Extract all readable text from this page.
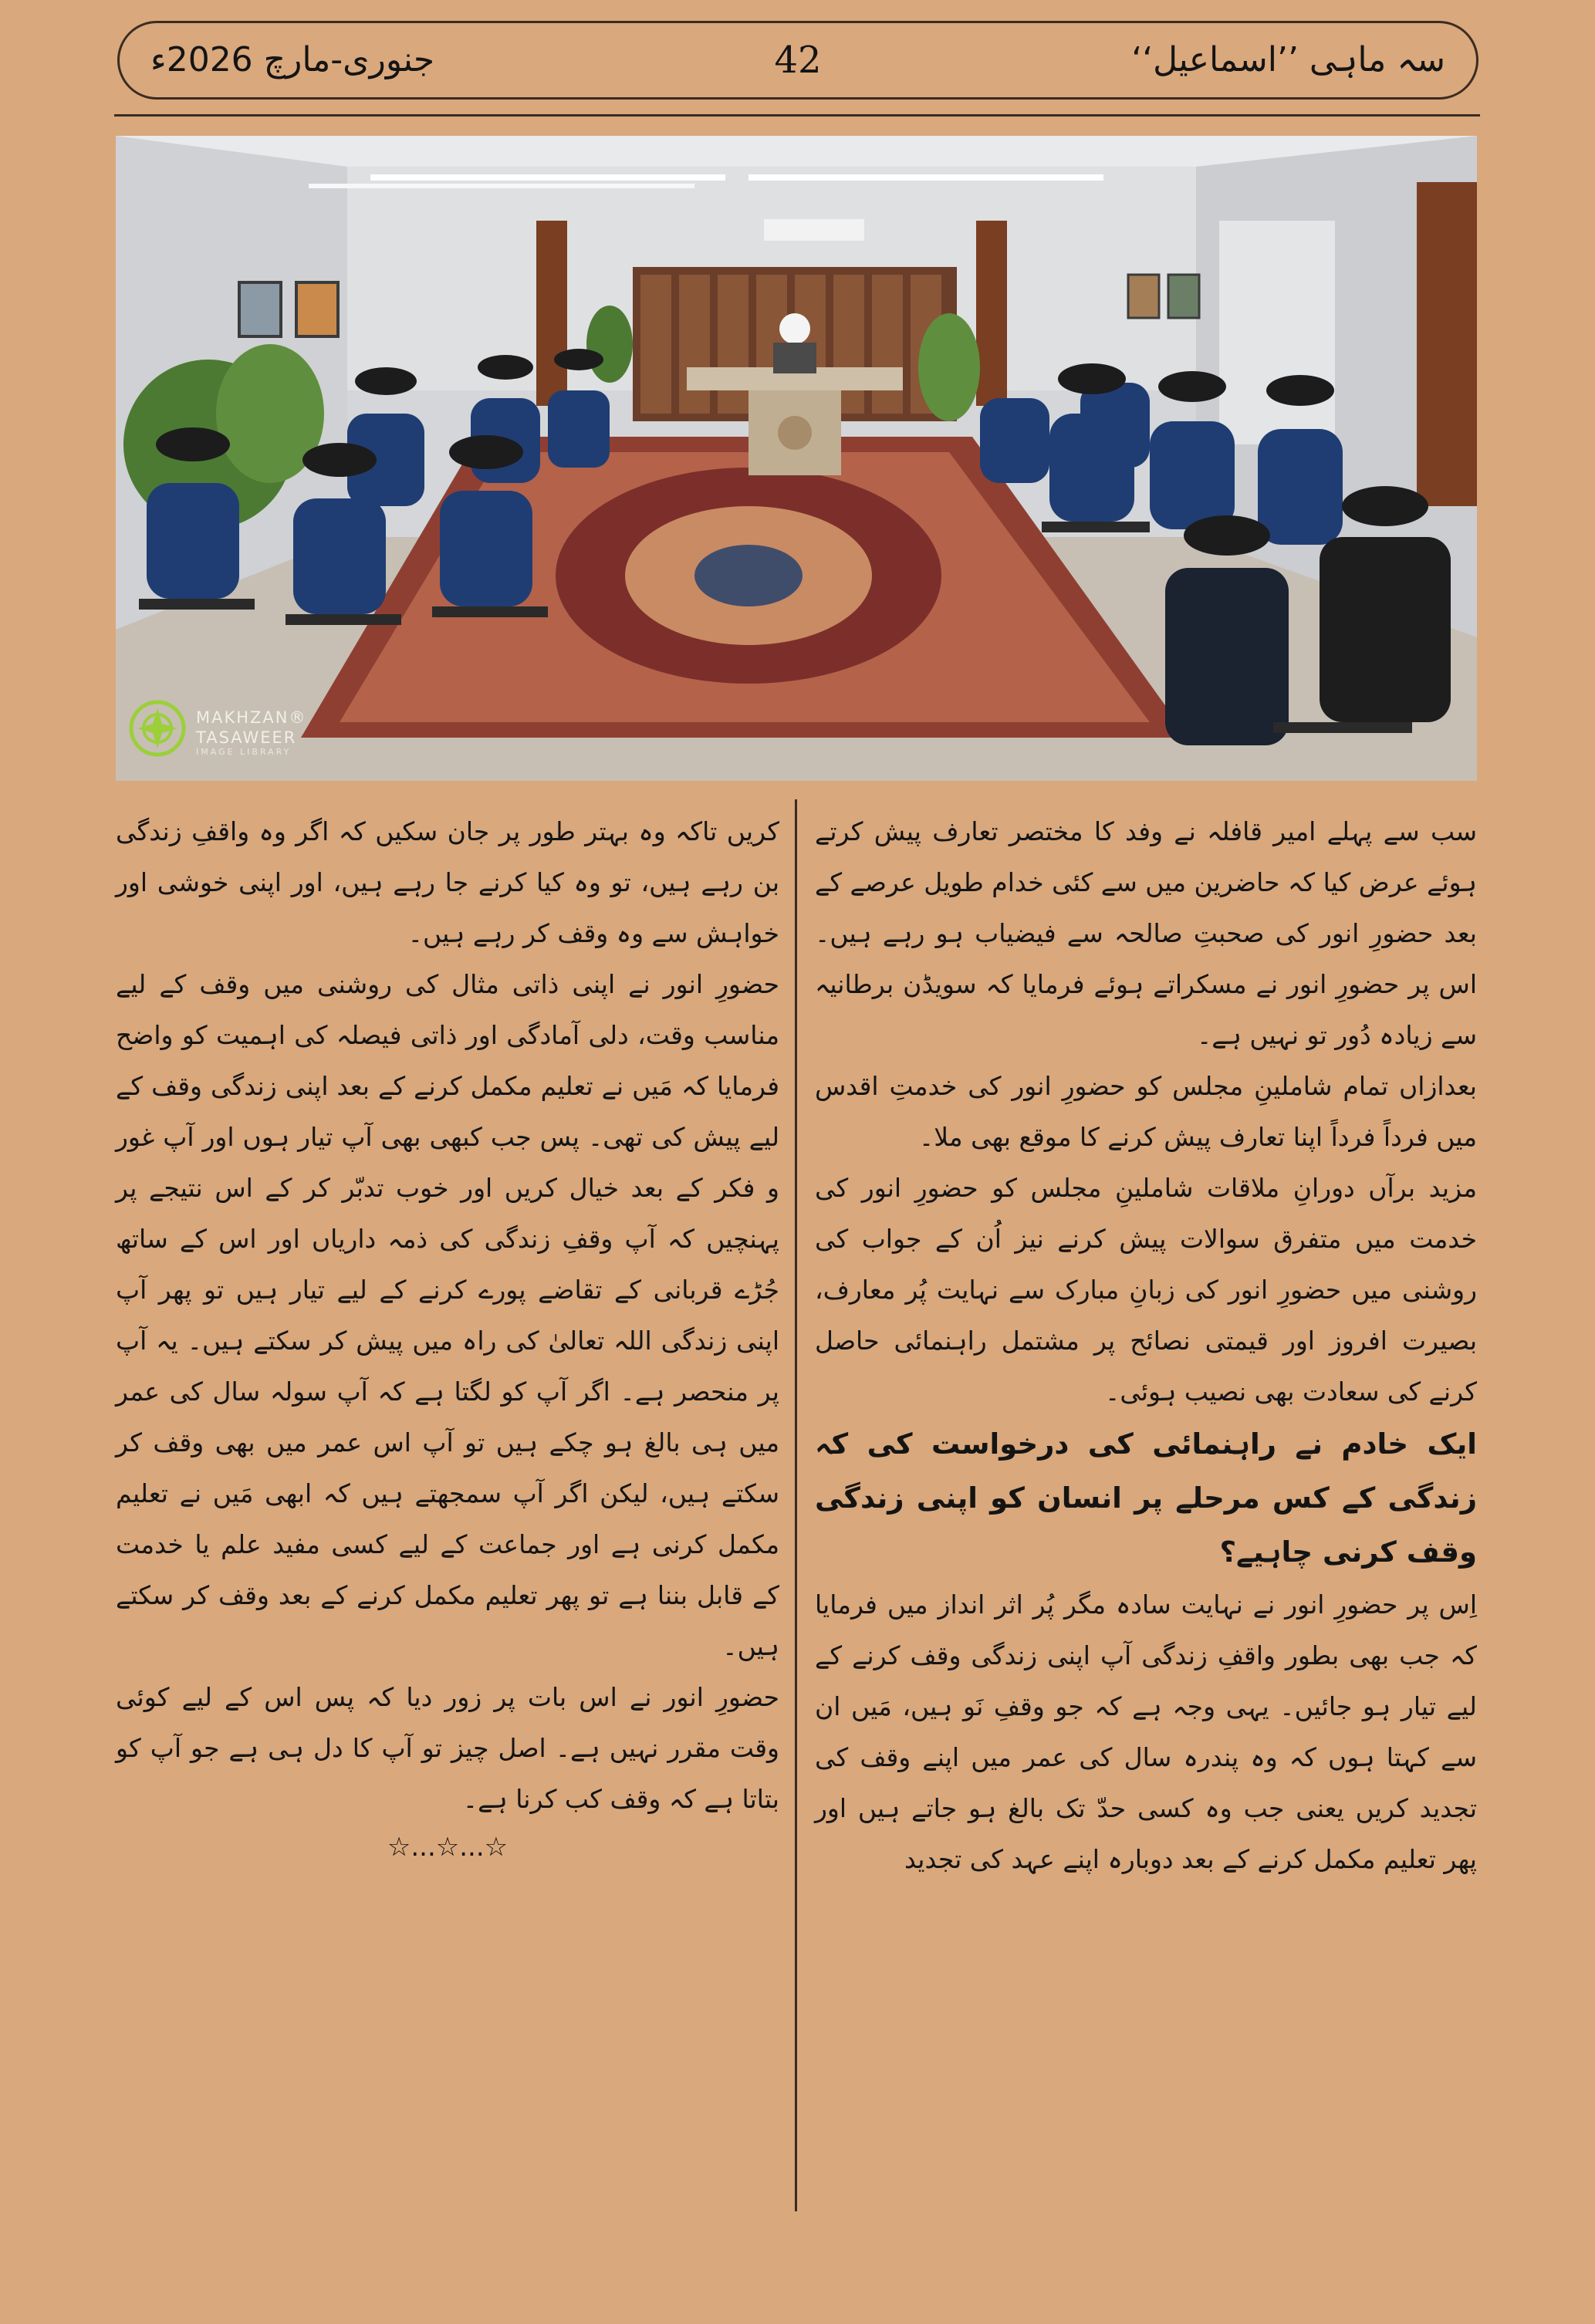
جنوری-مارچ 2026ء	42	سہ ماہی ’’اسماعیل‘‘
MAKHZAN®
TASAWEER
IMAGE LIBRARY

سب سے پہلے امیر قافلہ نے وفد کا مختصر تعارف پیش کرتے ہوئے عرض کیا کہ حاضرین میں سے کئی خدام طویل عرصے کے بعد حضورِ انور کی صحبتِ صالحہ سے فیضیاب ہو رہے ہیں۔ اس پر حضورِ انور نے مسکراتے ہوئے فرمایا کہ سویڈن برطانیہ سے زیادہ دُور تو نہیں ہے۔

بعدازاں تمام شاملینِ مجلس کو حضورِ انور کی خدمتِ اقدس میں فرداً فرداً اپنا تعارف پیش کرنے کا موقع بھی ملا۔

مزید برآں دورانِ ملاقات شاملینِ مجلس کو حضورِ انور کی خدمت میں متفرق سوالات پیش کرنے نیز اُن کے جواب کی روشنی میں حضورِ انور کی زبانِ مبارک سے نہایت پُر معارف، بصیرت افروز اور قیمتی نصائح پر مشتمل راہنمائی حاصل کرنے کی سعادت بھی نصیب ہوئی۔

ایک خادم نے راہنمائی کی درخواست کی کہ زندگی کے کس مرحلے پر انسان کو اپنی زندگی وقف کرنی چاہیے؟

اِس پر حضورِ انور نے نہایت سادہ مگر پُر اثر انداز میں فرمایا کہ جب بھی بطور واقفِ زندگی آپ اپنی زندگی وقف کرنے کے لیے تیار ہو جائیں۔ یہی وجہ ہے کہ جو وقفِ نَو ہیں، مَیں ان سے کہتا ہوں کہ وہ پندرہ سال کی عمر میں اپنے وقف کی تجدید کریں یعنی جب وہ کسی حدّ تک بالغ ہو جاتے ہیں اور پھر تعلیم مکمل کرنے کے بعد دوبارہ اپنے عہد کی تجدید

کریں تاکہ وہ بہتر طور پر جان سکیں کہ اگر وہ واقفِ زندگی بن رہے ہیں، تو وہ کیا کرنے جا رہے ہیں، اور اپنی خوشی اور خواہش سے وہ وقف کر رہے ہیں۔

حضورِ انور نے اپنی ذاتی مثال کی روشنی میں وقف کے لیے مناسب وقت، دلی آمادگی اور ذاتی فیصلہ کی اہمیت کو واضح فرمایا کہ مَیں نے تعلیم مکمل کرنے کے بعد اپنی زندگی وقف کے لیے پیش کی تھی۔ پس جب کبھی بھی آپ تیار ہوں اور آپ غور و فکر کے بعد خیال کریں اور خوب تدبّر کر کے اس نتیجے پر پہنچیں کہ آپ وقفِ زندگی کی ذمہ داریاں اور اس کے ساتھ جُڑے قربانی کے تقاضے پورے کرنے کے لیے تیار ہیں تو پھر آپ اپنی زندگی اللہ تعالیٰ کی راہ میں پیش کر سکتے ہیں۔ یہ آپ پر منحصر ہے۔ اگر آپ کو لگتا ہے کہ آپ سولہ سال کی عمر میں ہی بالغ ہو چکے ہیں تو آپ اس عمر میں بھی وقف کر سکتے ہیں، لیکن اگر آپ سمجھتے ہیں کہ ابھی مَیں نے تعلیم مکمل کرنی ہے اور جماعت کے لیے کسی مفید علم یا خدمت کے قابل بننا ہے تو پھر تعلیم مکمل کرنے کے بعد وقف کر سکتے ہیں۔

حضورِ انور نے اس بات پر زور دیا کہ پس اس کے لیے کوئی وقت مقرر نہیں ہے۔ اصل چیز تو آپ کا دل ہی ہے جو آپ کو بتاتا ہے کہ وقف کب کرنا ہے۔

☆...☆...☆
